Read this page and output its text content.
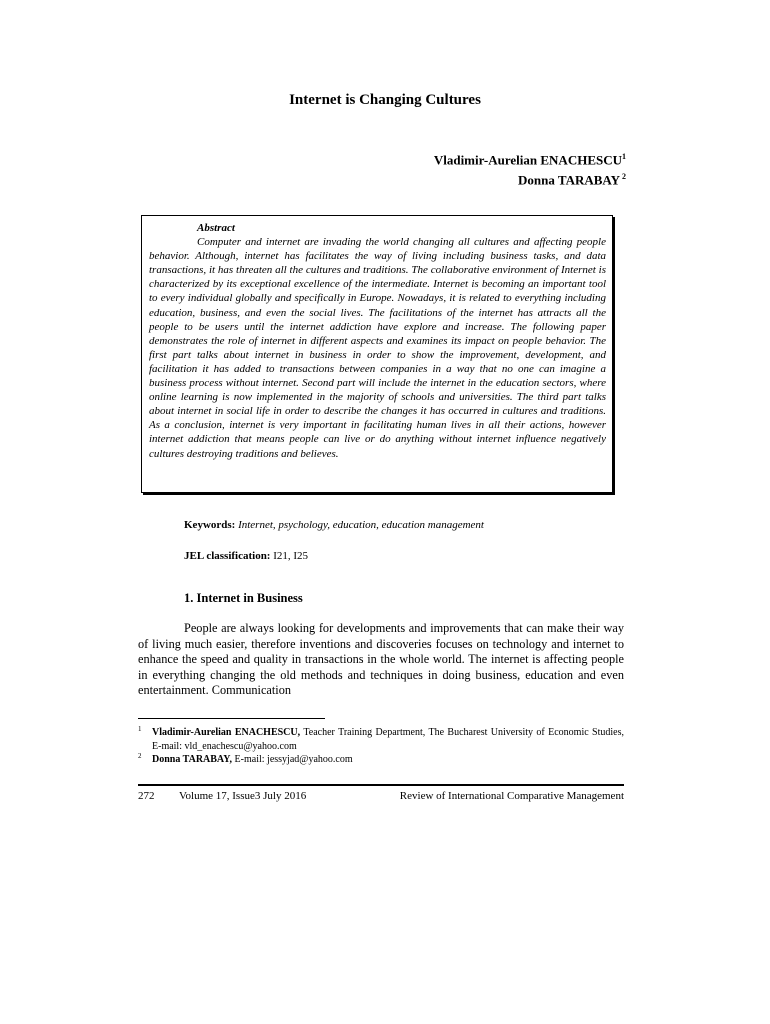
Internet is Changing Cultures
Vladimir-Aurelian ENACHESCU$^1$
Donna TARABAY $^2$
Abstract

Computer and internet are invading the world changing all cultures and affecting people behavior. Although, internet has facilitates the way of living including business tasks, and data transactions, it has threaten all the cultures and traditions. The collaborative environment of Internet is characterized by its exceptional excellence of the intermediate. Internet is becoming an important tool to every individual globally and specifically in Europe. Nowadays, it is related to everything including education, business, and even the social lives. The facilitations of the internet has attracts all the people to be users until the internet addiction have explore and increase. The following paper demonstrates the role of internet in different aspects and examines its impact on people behavior. The first part talks about internet in business in order to show the improvement, development, and facilitation it has added to transactions between companies in a way that no one can imagine a business process without internet. Second part will include the internet in the education sectors, where online learning is now implemented in the majority of schools and universities. The third part talks about internet in social life in order to describe the changes it has occurred in cultures and traditions. As a conclusion, internet is very important in facilitating human lives in all their actions, however internet addiction that means people can live or do anything without internet influence negatively cultures destroying traditions and believes.

Keywords: Internet, psychology, education, education management
JEL classification: I21, I25
1. Internet in Business

People are always looking for developments and improvements that can make their way of living much easier, therefore inventions and discoveries focuses on technology and internet to enhance the speed and quality in transactions in the whole world. The internet is affecting people in everything changing the old methods and techniques in doing business, education and even entertainment. Communication

1 Vladimir-Aurelian ENACHESCU, Teacher Training Department, The Bucharest University of Economic Studies, E-mail: vld_enachescu@yahoo.com
2 Donna TARABAY, E-mail: jessyjad@yahoo.com
272 Volume 17, Issue3 July 2016	Review of International Comparative Management
